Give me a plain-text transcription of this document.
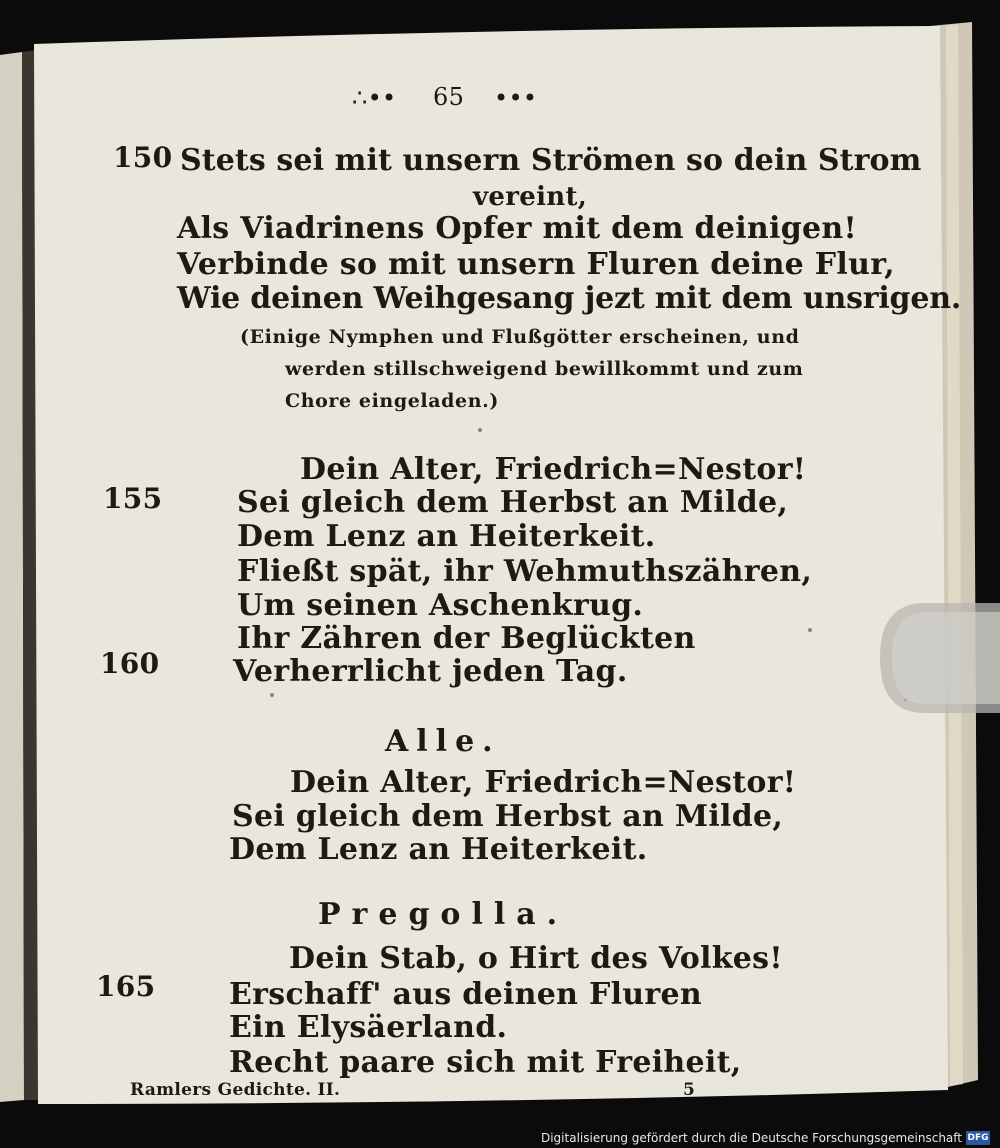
∴•• 65 •••
150
155
160
165
Stets sei mit unsern Strömen so dein Strom
vereint,
Als Viadrinens Opfer mit dem deinigen!
Verbinde so mit unsern Fluren deine Flur,
Wie deinen Weihgesang jezt mit dem unsrigen.
(Einige Nymphen und Flußgötter erscheinen, und
werden stillschweigend bewillkommt und zum
Chore eingeladen.)
Dein Alter, Friedrich=Nestor!
Sei gleich dem Herbst an Milde,
Dem Lenz an Heiterkeit.
Fließt spät, ihr Wehmuthszähren,
Um seinen Aschenkrug.
Ihr Zähren der Beglückten
Verherrlicht jeden Tag.
Alle.
Dein Alter, Friedrich=Nestor!
Sei gleich dem Herbst an Milde,
Dem Lenz an Heiterkeit.
Pregolla.
Dein Stab, o Hirt des Volkes!
Erschaff' aus deinen Fluren
Ein Elysäerland.
Recht paare sich mit Freiheit,
Ramlers Gedichte. II.	5
Digitalisierung gefördert durch die Deutsche Forschungsgemeinschaft DFG
